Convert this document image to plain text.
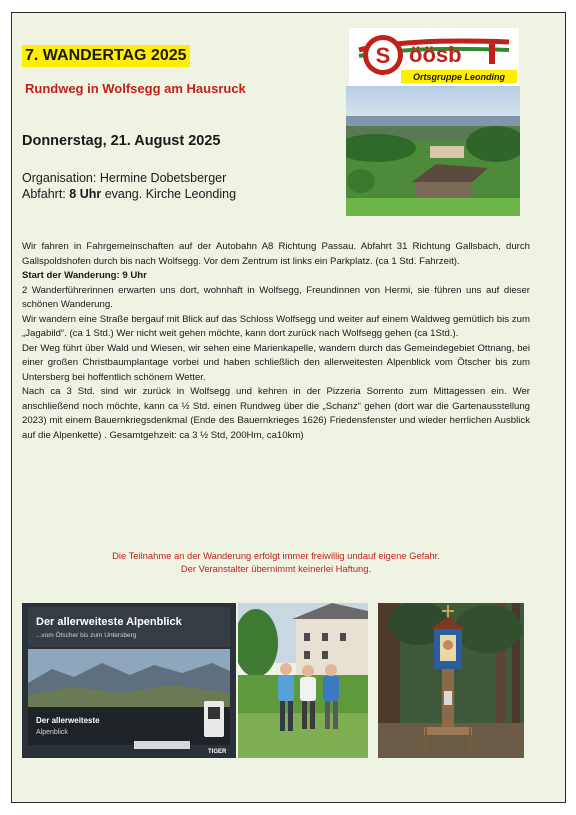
7. WANDERTAG 2025
Rundweg in Wolfsegg am Hausruck
S öösb
Ortsgruppe Leonding
Donnerstag, 21. August 2025
Organisation: Hermine Dobetsberger
Abfahrt: 8 Uhr evang. Kirche Leonding

Wir fahren in Fahrgemeinschaften auf der Autobahn A8 Richtung Passau. Abfahrt 31 Richtung Gallsbach, durch Gallspoldshofen durch bis nach Wolfsegg. Vor dem Zentrum ist links ein Parkplatz. (ca 1 Std. Fahrzeit).

Start der Wanderung: 9 Uhr

2 Wanderführerinnen erwarten uns dort, wohnhaft in Wolfsegg, Freundinnen von Hermi, sie führen uns auf dieser schönen Wanderung.

Wir wandern eine Straße bergauf mit Blick auf das Schloss Wolfsegg und weiter auf einem Waldweg gemütlich bis zum „Jagabild“. (ca 1 Std.) Wer nicht weit gehen möchte, kann dort zurück nach Wolfsegg gehen (ca 1Std.).

Der Weg führt über Wald und Wiesen, wir sehen eine Marienkapelle, wandern durch das Gemeindegebiet Ottnang, bei einer großen Christbaumplantage vorbei und haben schließlich den allerweitesten Alpenblick vom Ötscher bis zum Untersberg bei hoffentlich schönem Wetter.

Nach ca 3 Std. sind wir zurück in Wolfsegg und kehren in der Pizzeria Sorrento zum Mittagessen ein. Wer anschließend noch möchte, kann ca ½ Std. einen Rundweg über die „Schanz“ gehen (dort war die Gartenausstellung 2023) mit einem Bauernkriegsdenkmal (Ende des Bauernkrieges 1626) Friedensfenster und wieder herrlichen Ausblick auf die Alpenkette) . Gesamtgehzeit: ca 3 ½ Std, 200Hm, ca10km)

Die Teilnahme an der Wanderung erfolgt immer freiwillig undauf eigene Gefahr.
Der Veranstalter übernimmt keinerlei Haftung.
Der allerweiteste Alpenblick
...vom Ötscher bis zum Untersberg
Der allerweiteste
Alpenblick
TIGER
